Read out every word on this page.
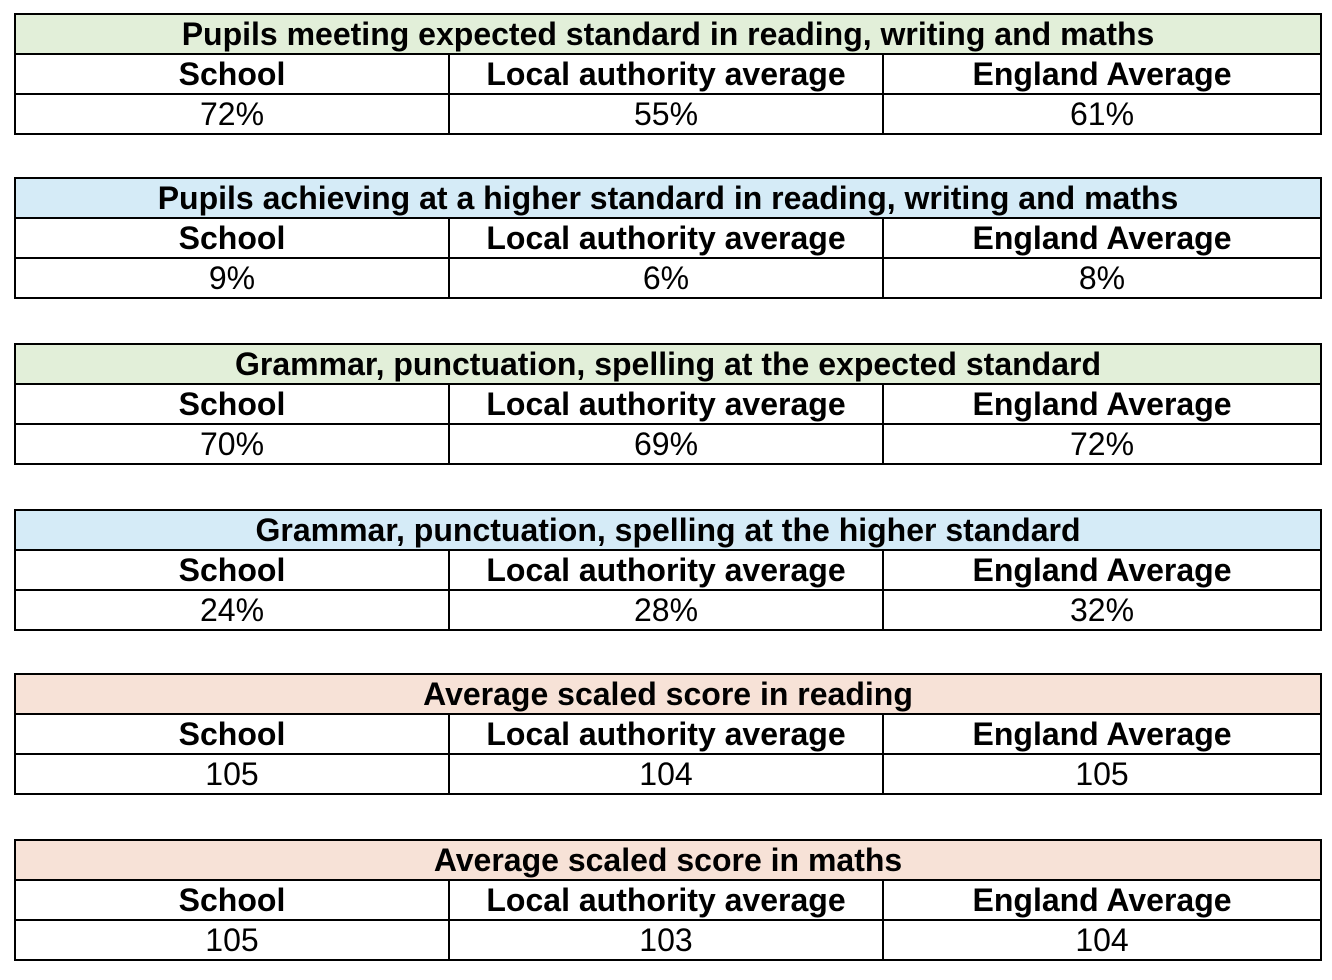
Pupils meeting expected standard in reading, writing and maths		
School	Local authority average	England Average
72%	55%	61%
Pupils achieving at a higher standard in reading, writing and maths		
School	Local authority average	England Average
9%	6%	8%
Grammar, punctuation, spelling at the expected standard		
School	Local authority average	England Average
70%	69%	72%
Grammar, punctuation, spelling at the higher standard		
School	Local authority average	England Average
24%	28%	32%
Average scaled score in reading		
School	Local authority average	England Average
105	104	105
Average scaled score in maths		
School	Local authority average	England Average
105	103	104
